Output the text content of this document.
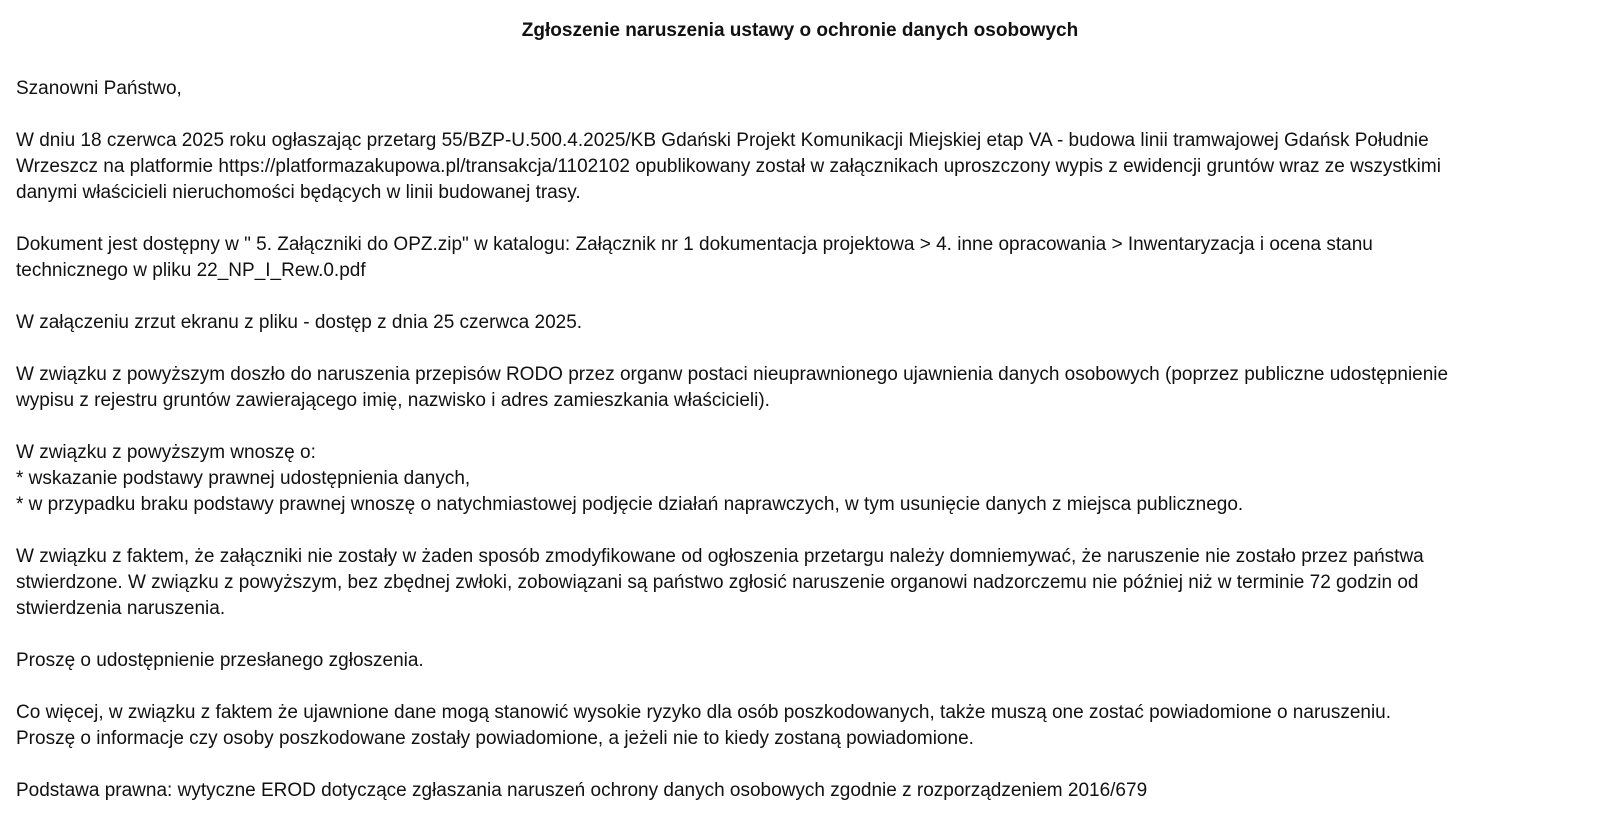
Zgłoszenie naruszenia ustawy o ochronie danych osobowych

Szanowni Państwo,

W dniu 18 czerwca 2025 roku ogłaszając przetarg 55/BZP-U.500.4.2025/KB Gdański Projekt Komunikacji Miejskiej etap VA - budowa linii tramwajowej Gdańsk Południe
Wrzeszcz na platformie https://platformazakupowa.pl/transakcja/1102102 opublikowany został w załącznikach uproszczony wypis z ewidencji gruntów wraz ze wszystkimi
danymi właścicieli nieruchomości będących w linii budowanej trasy.

Dokument jest dostępny w " 5. Załączniki do OPZ.zip" w katalogu: Załącznik nr 1 dokumentacja projektowa > 4. inne opracowania > Inwentaryzacja i ocena stanu
technicznego w pliku 22_NP_I_Rew.0.pdf

W załączeniu zrzut ekranu z pliku - dostęp z dnia 25 czerwca 2025.

W związku z powyższym doszło do naruszenia przepisów RODO przez organw postaci nieuprawnionego ujawnienia danych osobowych (poprzez publiczne udostępnienie
wypisu z rejestru gruntów zawierającego imię, nazwisko i adres zamieszkania właścicieli).

W związku z powyższym wnoszę o:
* wskazanie podstawy prawnej udostępnienia danych,
* w przypadku braku podstawy prawnej wnoszę o natychmiastowej podjęcie działań naprawczych, w tym usunięcie danych z miejsca publicznego.

W związku z faktem, że załączniki nie zostały w żaden sposób zmodyfikowane od ogłoszenia przetargu należy domniemywać, że naruszenie nie zostało przez państwa
stwierdzone. W związku z powyższym, bez zbędnej zwłoki, zobowiązani są państwo zgłosić naruszenie organowi nadzorczemu nie później niż w terminie 72 godzin od
stwierdzenia naruszenia.

Proszę o udostępnienie przesłanego zgłoszenia.

Co więcej, w związku z faktem że ujawnione dane mogą stanowić wysokie ryzyko dla osób poszkodowanych, także muszą one zostać powiadomione o naruszeniu.
Proszę o informacje czy osoby poszkodowane zostały powiadomione, a jeżeli nie to kiedy zostaną powiadomione.

Podstawa prawna: wytyczne EROD dotyczące zgłaszania naruszeń ochrony danych osobowych zgodnie z rozporządzeniem 2016/679
